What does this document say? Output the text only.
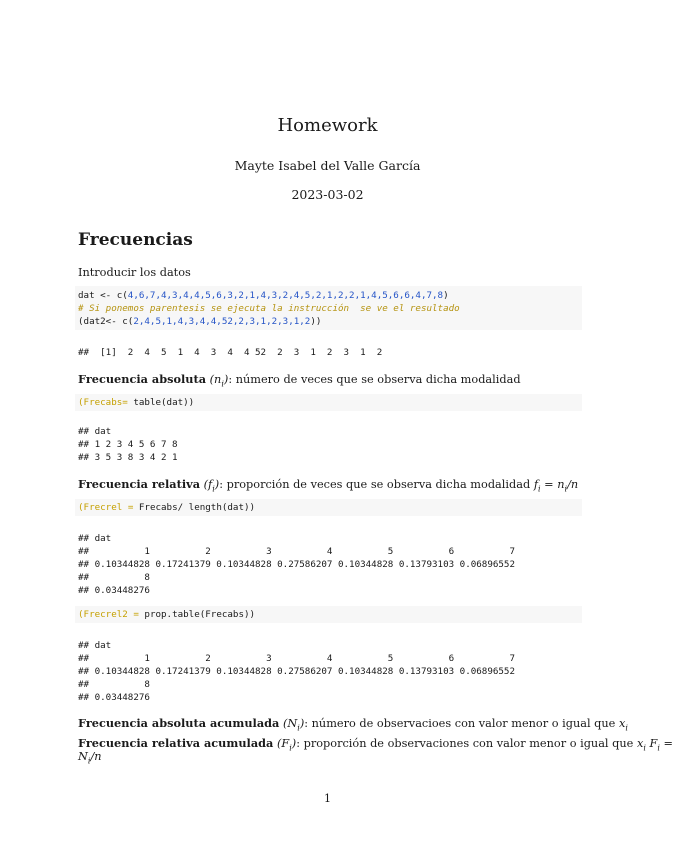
Homework
Mayte Isabel del Valle García
2023-03-02
Frecuencias
Introducir los datos
dat <- c(4,6,7,4,3,4,4,5,6,3,2,1,4,3,2,4,5,2,1,2,2,1,4,5,6,6,4,7,8)
# Si ponemos parentesis se ejecuta la instrucción  se ve el resultado
(dat2<- c(2,4,5,1,4,3,4,4,52,2,3,1,2,3,1,2))
##  [1]  2  4  5  1  4  3  4  4 52  2  3  1  2  3  1  2
Frecuencia absoluta $(n_i)$: número de veces que se observa dicha modalidad
(Frecabs= table(dat))
## dat
## 1 2 3 4 5 6 7 8
## 3 5 3 8 3 4 2 1
Frecuencia relativa $(f_i)$: proporción de veces que se observa dicha modalidad $f_i = n_i/n$
(Frecrel = Frecabs/ length(dat))
## dat
##          1          2          3          4          5          6          7
## 0.10344828 0.17241379 0.10344828 0.27586207 0.10344828 0.13793103 0.06896552
##          8
## 0.03448276
(Frecrel2 = prop.table(Frecabs))
## dat
##          1          2          3          4          5          6          7
## 0.10344828 0.17241379 0.10344828 0.27586207 0.10344828 0.13793103 0.06896552
##          8
## 0.03448276
Frecuencia absoluta acumulada $(N_i)$: número de observacioes con valor menor o igual que $x_i$
Frecuencia relativa acumulada $(F_i)$: proporción de observaciones con valor menor o igual que $x_i$ $F_i$ =
$N_i/n$
1
